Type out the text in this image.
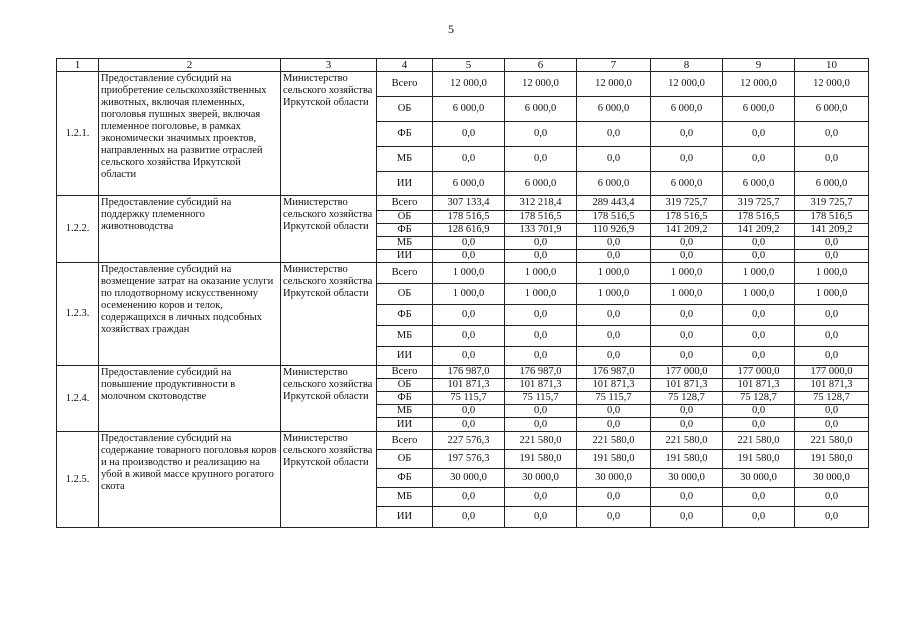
5
1	2	3	4	5	6	7	8	9	10
1.2.1.	Предоставление субсидий на приобретение сельскохозяйственных животных, включая племенных, поголовья пушных зверей, включая племенное поголовье, в рамках экономически значимых проектов, направленных на развитие отраслей сельского хозяйства Иркутской области	Министерство сельского хозяйства Иркутской области	Всего	12 000,0	12 000,0	12 000,0	12 000,0	12 000,0	12 000,0
			ОБ	6 000,0	6 000,0	6 000,0	6 000,0	6 000,0	6 000,0
			ФБ	0,0	0,0	0,0	0,0	0,0	0,0
			МБ	0,0	0,0	0,0	0,0	0,0	0,0
			ИИ	6 000,0	6 000,0	6 000,0	6 000,0	6 000,0	6 000,0
1.2.2.	Предоставление субсидий на поддержку племенного животноводства	Министерство сельского хозяйства Иркутской области	Всего	307 133,4	312 218,4	289 443,4	319 725,7	319 725,7	319 725,7
			ОБ	178 516,5	178 516,5	178 516,5	178 516,5	178 516,5	178 516,5
			ФБ	128 616,9	133 701,9	110 926,9	141 209,2	141 209,2	141 209,2
			МБ	0,0	0,0	0,0	0,0	0,0	0,0
			ИИ	0,0	0,0	0,0	0,0	0,0	0,0
1.2.3.	Предоставление субсидий на возмещение затрат на оказание услуги по плодотворному искусственному осеменению коров и телок, содержащихся в личных подсобных хозяйствах граждан	Министерство сельского хозяйства Иркутской области	Всего	1 000,0	1 000,0	1 000,0	1 000,0	1 000,0	1 000,0
			ОБ	1 000,0	1 000,0	1 000,0	1 000,0	1 000,0	1 000,0
			ФБ	0,0	0,0	0,0	0,0	0,0	0,0
			МБ	0,0	0,0	0,0	0,0	0,0	0,0
			ИИ	0,0	0,0	0,0	0,0	0,0	0,0
1.2.4.	Предоставление субсидий на повышение продуктивности в молочном скотоводстве	Министерство сельского хозяйства Иркутской области	Всего	176 987,0	176 987,0	176 987,0	177 000,0	177 000,0	177 000,0
			ОБ	101 871,3	101 871,3	101 871,3	101 871,3	101 871,3	101 871,3
			ФБ	75 115,7	75 115,7	75 115,7	75 128,7	75 128,7	75 128,7
			МБ	0,0	0,0	0,0	0,0	0,0	0,0
			ИИ	0,0	0,0	0,0	0,0	0,0	0,0
1.2.5.	Предоставление субсидий на содержание товарного поголовья коров и на производство и реализацию на убой в живой массе крупного рогатого скота	Министерство сельского хозяйства Иркутской области	Всего	227 576,3	221 580,0	221 580,0	221 580,0	221 580,0	221 580,0
			ОБ	197 576,3	191 580,0	191 580,0	191 580,0	191 580,0	191 580,0
			ФБ	30 000,0	30 000,0	30 000,0	30 000,0	30 000,0	30 000,0
			МБ	0,0	0,0	0,0	0,0	0,0	0,0
			ИИ	0,0	0,0	0,0	0,0	0,0	0,0
